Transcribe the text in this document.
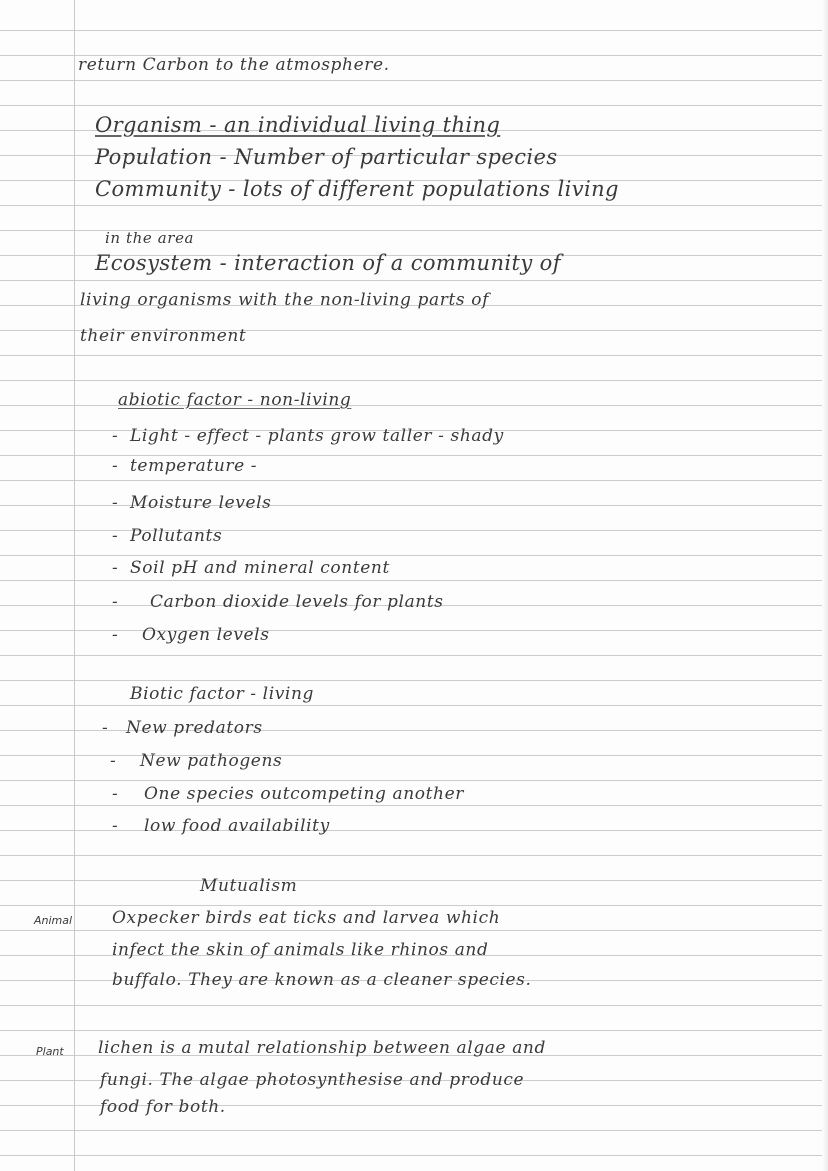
return Carbon to the atmosphere.

Organism - an individual living thing

Population - Number of particular species

Community - lots of different populations living

in the area

Ecosystem - interaction of a community of

living organisms with the non-living parts of

their environment

abiotic factor - non-living

- Light - effect - plants grow taller - shady

- temperature -

- Moisture levels

- Pollutants

- Soil pH and mineral content

- Carbon dioxide levels for plants

- Oxygen levels

Biotic factor - living

- New predators

- New pathogens

- One species outcompeting another

- low food availability

Mutualism

Animal Oxpecker birds eat ticks and larvea which

infect the skin of animals like rhinos and

buffalo. They are known as a cleaner species.

Plant lichen is a mutal relationship between algae and

fungi. The algae photosynthesise and produce

food for both.
